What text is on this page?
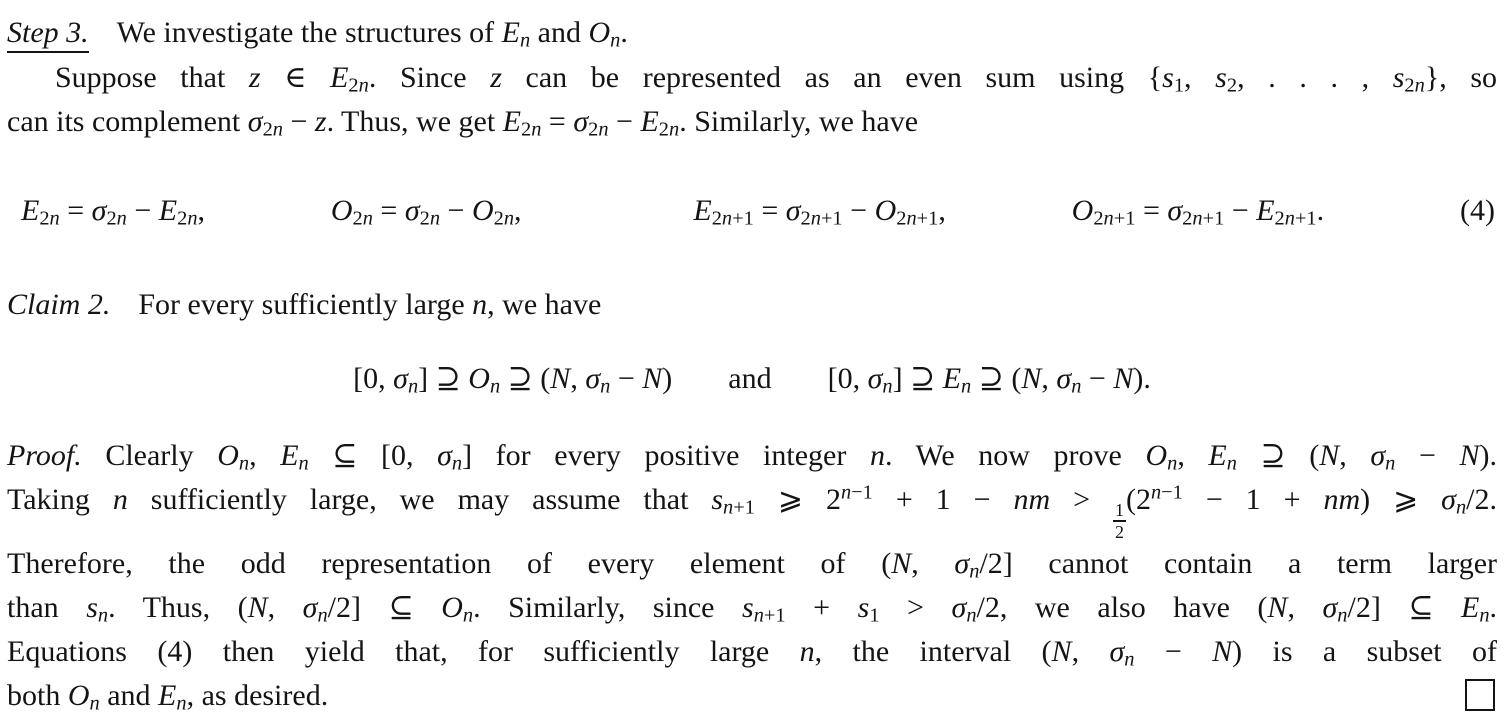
Step 3. We investigate the structures of $E_n$ and $O_n$.
Suppose that z ∈ $E_{2n}$. Since z can be represented as an even sum using {$s_1$, $s_2$, . . . , $s_{2n}$}, so
can its complement $\sigma_{2n} - z$. Thus, we get $E_{2n} = \sigma_{2n} - E_{2n}$. Similarly, we have
$E_{2n} = \sigma_{2n} - E_{2n}$,	$O_{2n} = \sigma_{2n} - O_{2n}$,	$E_{2n+1} = \sigma_{2n+1} - O_{2n+1}$,	$O_{2n+1} = \sigma_{2n+1} - E_{2n+1}$.	(4)
Claim 2. For every sufficiently large n, we have
[0, $\sigma_n$] ⊇ $O_n$ ⊇ (N, $\sigma_n - N$) and [0, $\sigma_n$] ⊇ $E_n$ ⊇ (N, $\sigma_n - N$).
Proof. Clearly $O_n$, $E_n$ ⊆ [0, $\sigma_n$] for every positive integer n. We now prove $O_n$, $E_n$ ⊇ (N, $\sigma_n - N$).
Taking n sufficiently large, we may assume that $s_{n+1}$ ⩾ $2^{n-1} + 1$ − nm >
$\frac{1}{2}$
$(2^{n-1} - 1 + nm)$ ⩾ $\sigma_n/2$.
Therefore, the odd representation of every element of (N, $\sigma_n/2$] cannot contain a term larger
than $s_n$. Thus, (N, $\sigma_n/2$] ⊆ $O_n$. Similarly, since $s_{n+1} + s_1 > \sigma_n/2$, we also have (N, $\sigma_n/2$] ⊆ $E_n$.
Equations (4) then yield that, for sufficiently large n, the interval (N, $\sigma_n - N$) is a subset of
both $O_n$ and $E_n$, as desired.
